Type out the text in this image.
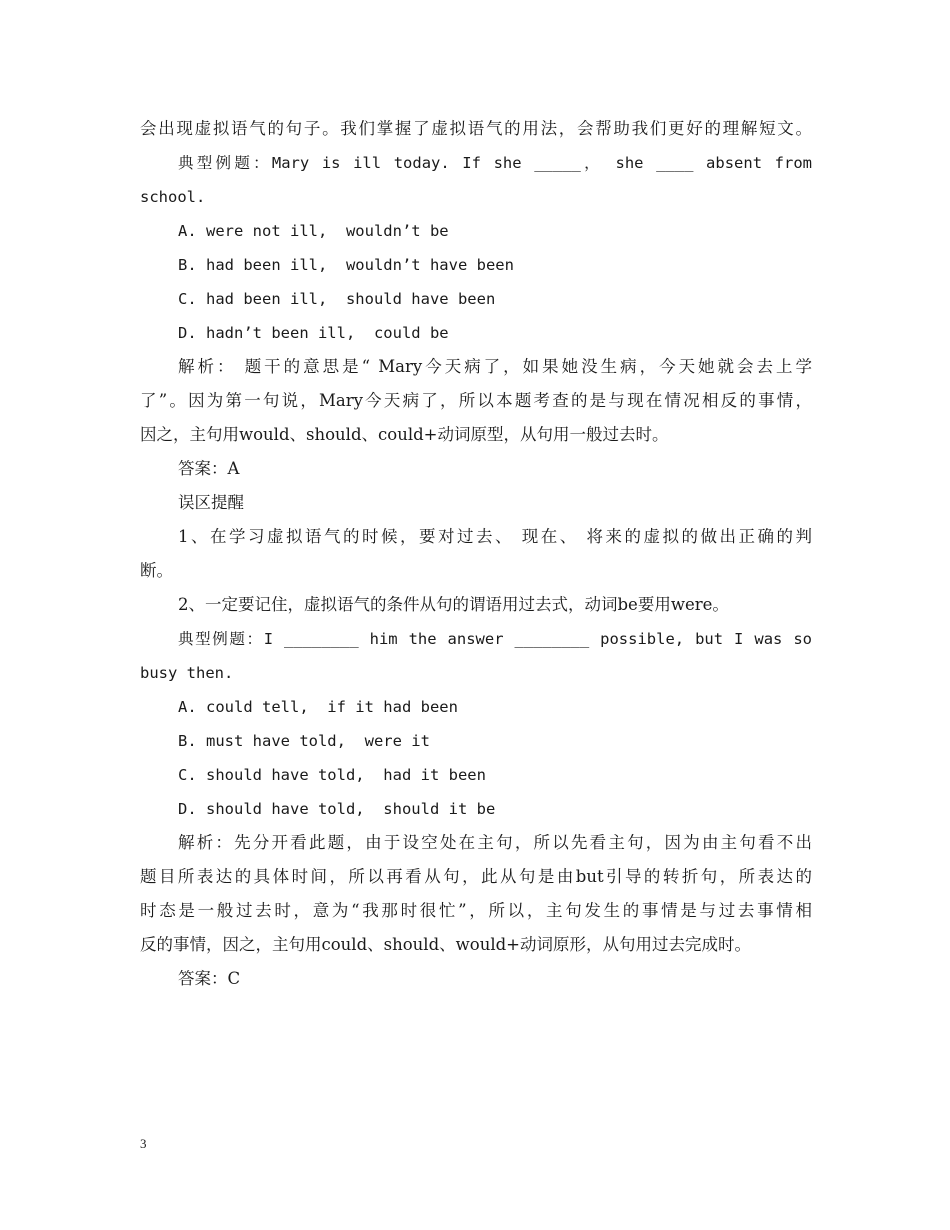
会出现虚拟语气的句子。我们掌握了虚拟语气的用法，会帮助我们更好的理解短文。
典型例题：Mary is ill today. If she _____， she ____ absent from
school.
A. were not ill,  wouldn’t be
B. had been ill,  wouldn’t have been
C. had been ill,  should have been
D. hadn’t been ill,  could be
解析： 题干的意思是“ Mary今天病了，如果她没生病，今天她就会去上学
了”。因为第一句说，Mary今天病了，所以本题考查的是与现在情况相反的事情，
因之，主句用would、should、could+动词原型，从句用一般过去时。
答案：A
误区提醒
1、在学习虚拟语气的时候，要对过去、 现在、 将来的虚拟的做出正确的判
断。
2、一定要记住，虚拟语气的条件从句的谓语用过去式，动词be要用were。
典型例题：I ________ him the answer ________ possible, but I was so
busy then.
A. could tell,  if it had been
B. must have told,  were it
C. should have told,  had it been
D. should have told,  should it be
解析：先分开看此题，由于设空处在主句，所以先看主句，因为由主句看不出
题目所表达的具体时间，所以再看从句，此从句是由but引导的转折句，所表达的
时态是一般过去时，意为“我那时很忙”，所以，主句发生的事情是与过去事情相
反的事情，因之，主句用could、should、would+动词原形，从句用过去完成时。
答案：C
3
